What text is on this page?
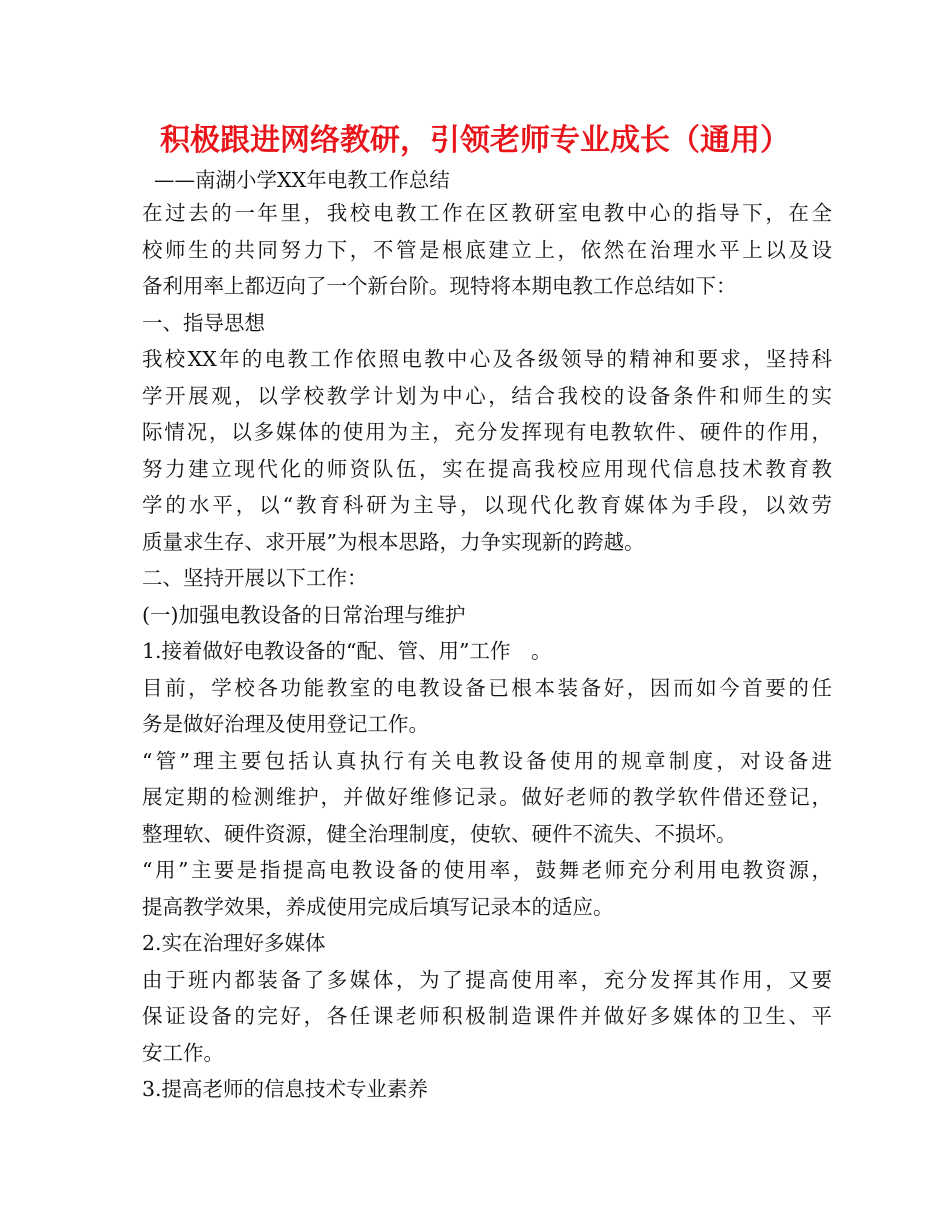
积极跟进网络教研，引领老师专业成长（通用）

——南湖小学XX年电教工作总结

在过去的一年里，我校电教工作在区教研室电教中心的指导下，在全

校师生的共同努力下，不管是根底建立上，依然在治理水平上以及设

备利用率上都迈向了一个新台阶。现特将本期电教工作总结如下：

一、指导思想

我校XX年的电教工作依照电教中心及各级领导的精神和要求，坚持科

学开展观，以学校教学计划为中心，结合我校的设备条件和师生的实

际情况，以多媒体的使用为主，充分发挥现有电教软件、硬件的作用，

努力建立现代化的师资队伍，实在提高我校应用现代信息技术教育教

学的水平，以“教育科研为主导，以现代化教育媒体为手段，以效劳

质量求生存、求开展”为根本思路，力争实现新的跨越。

二、坚持开展以下工作：

(一)加强电教设备的日常治理与维护

1.接着做好电教设备的“配、管、用”工作　。

目前，学校各功能教室的电教设备已根本装备好，因而如今首要的任

务是做好治理及使用登记工作。

“管”理主要包括认真执行有关电教设备使用的规章制度，对设备进

展定期的检测维护，并做好维修记录。做好老师的教学软件借还登记，

整理软、硬件资源，健全治理制度，使软、硬件不流失、不损坏。

“用”主要是指提高电教设备的使用率，鼓舞老师充分利用电教资源，

提高教学效果，养成使用完成后填写记录本的适应。

2.实在治理好多媒体

由于班内都装备了多媒体，为了提高使用率，充分发挥其作用，又要

保证设备的完好，各任课老师积极制造课件并做好多媒体的卫生、平

安工作。

3.提高老师的信息技术专业素养
